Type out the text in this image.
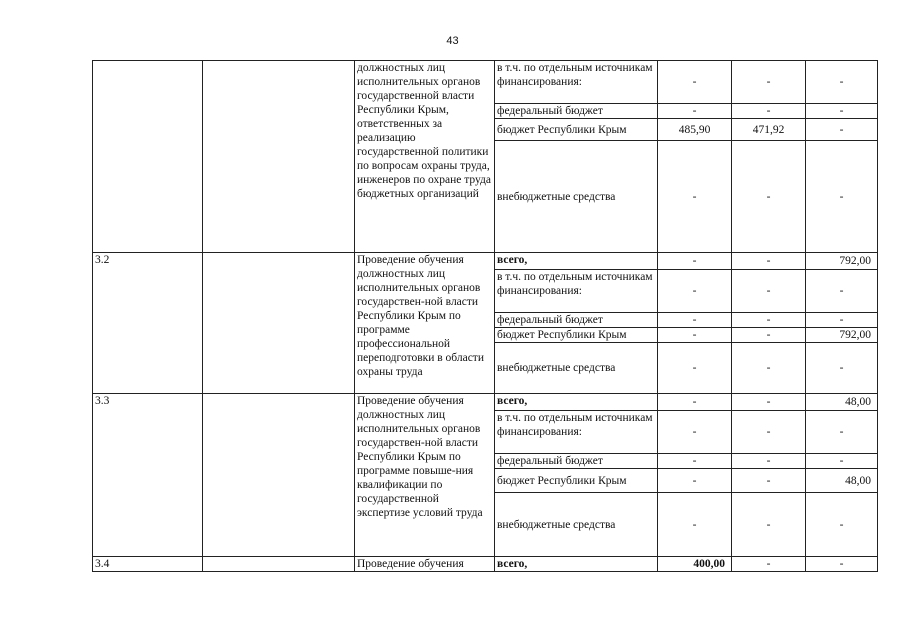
43
		должностных лиц исполнительных органов государственной власти Республики Крым, ответственных за реализацию государственной политики по вопросам охраны труда, инженеров по охране труда бюджетных организаций	в т.ч. по отдельным источникам финансирования:	-	-	-
			федеральный бюджет	-	-	-
			бюджет Республики Крым	485,90	471,92	-
			внебюджетные средства	-	-	-
3.2		Проведение обучения должностных лиц исполнительных органов государствен-ной власти Республики Крым по программе профессиональной переподготовки в области охраны труда	всего,	-	-	792,00
			в т.ч. по отдельным источникам финансирования:	-	-	-
			федеральный бюджет	-	-	-
			бюджет Республики Крым	-	-	792,00
			внебюджетные средства	-	-	-
3.3		Проведение обучения должностных лиц исполнительных органов государствен-ной власти Республики Крым по программе повыше-ния квалификации по государственной экспертизе условий труда	всего,	-	-	48,00
			в т.ч. по отдельным источникам финансирования:	-	-	-
			федеральный бюджет	-	-	-
			бюджет Республики Крым	-	-	48,00
			внебюджетные средства	-	-	-
3.4		Проведение обучения	всего,	400,00	-	-
